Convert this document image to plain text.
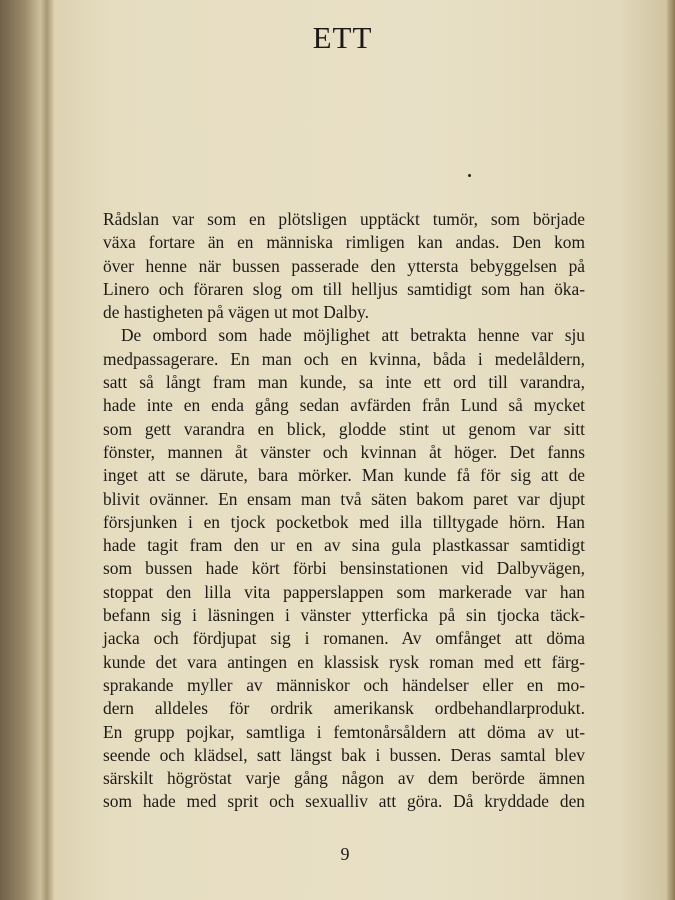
ETT
Rådslan var som en plötsligen upptäckt tumör, som började
växa fortare än en människa rimligen kan andas. Den kom
över henne när bussen passerade den yttersta bebyggelsen på
Linero och föraren slog om till helljus samtidigt som han öka-
de hastigheten på vägen ut mot Dalby.
De ombord som hade möjlighet att betrakta henne var sju
medpassagerare. En man och en kvinna, båda i medelåldern,
satt så långt fram man kunde, sa inte ett ord till varandra,
hade inte en enda gång sedan avfärden från Lund så mycket
som gett varandra en blick, glodde stint ut genom var sitt
fönster, mannen åt vänster och kvinnan åt höger. Det fanns
inget att se därute, bara mörker. Man kunde få för sig att de
blivit ovänner. En ensam man två säten bakom paret var djupt
försjunken i en tjock pocketbok med illa tilltygade hörn. Han
hade tagit fram den ur en av sina gula plastkassar samtidigt
som bussen hade kört förbi bensinstationen vid Dalbyvägen,
stoppat den lilla vita papperslappen som markerade var han
befann sig i läsningen i vänster ytterficka på sin tjocka täck-
jacka och fördjupat sig i romanen. Av omfånget att döma
kunde det vara antingen en klassisk rysk roman med ett färg-
sprakande myller av människor och händelser eller en mo-
dern alldeles för ordrik amerikansk ordbehandlarprodukt.
En grupp pojkar, samtliga i femtonårsåldern att döma av ut-
seende och klädsel, satt längst bak i bussen. Deras samtal blev
särskilt högröstat varje gång någon av dem berörde ämnen
som hade med sprit och sexualliv att göra. Då kryddade den
9
